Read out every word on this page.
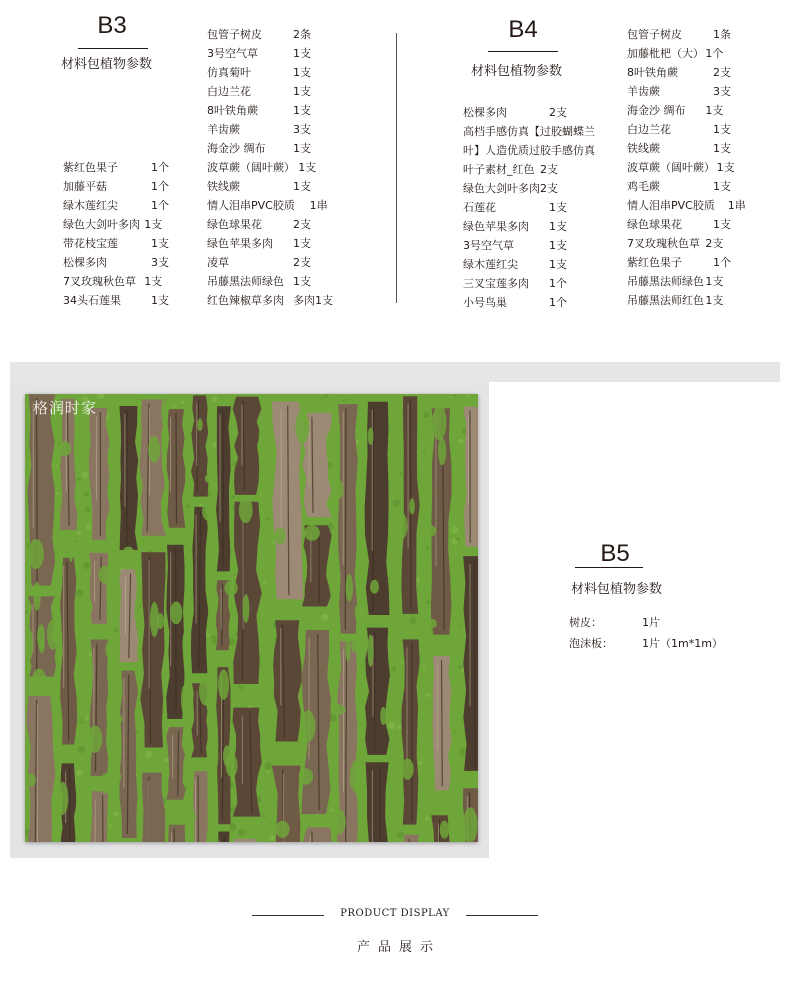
B3
材料包植物参数
紫红色果子	1个
加藤平菇	1个
绿木莲红尖	1个
绿色大剑叶多肉 1支
带花枝宝莲	1支
松棵多肉	3支
7叉玫瑰秋色草 1支
34头石莲果	1支
包管子树皮	2条
3号空气草	1支
仿真菊叶	1支
白边兰花	1支
8叶铁角蕨	1支
羊齿蕨	3支
海金沙 绸布	1支
波草蕨（阔叶蕨） 1支
铁线蕨	1支
情人泪串PVC胶质 1串
绿色球果花	2支
绿色苹果多肉 1支
凌草	2支
吊藤黑法师绿色 1支
红色辣椒草多肉 多肉1支
B4
材料包植物参数
松棵多肉	2支
高档手感仿真【过胶蝴蝶兰
叶】人造优质过胶手感仿真
叶子素材_红色 2支
绿色大剑叶多肉 2支
石莲花	1支
绿色苹果多肉 1支
3号空气草	1支
绿木莲红尖	1支
三叉宝莲多肉 1个
小号鸟巢	1个
包管子树皮	1条
加藤枇杷（大） 1个
8叶铁角蕨	2支
羊齿蕨	3支
海金沙 绸布 1支
白边兰花	1支
铁线蕨	1支
波草蕨（阔叶蕨） 1支
鸡毛蕨	1支
情人泪串PVC胶质 1串
绿色球果花	1支
7叉玫瑰秋色草 2支
紫红色果子	1个
吊藤黑法师绿色 1支
吊藤黑法师红色 1支
格润时家
B5
材料包植物参数
树皮：	1片
泡沫板：	1片（1m*1m）
PRODUCT DISPLAY
产品展示
